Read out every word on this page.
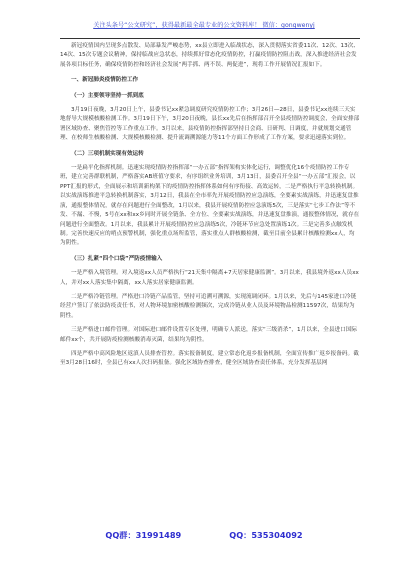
关注头条号“公文研究”，获得最新最全最专业的公文资料库！ 微信：gongwenyj

新冠疫情国内呈现多点散发、局部暴发严峻态势，xx县立即进入临战状态，深入贯彻落实省委11次、12次、13次、14次、15次专题会议精神，保持临战应急状态，持续抓好常态化疫情防控，打赢疫情防控阻击战，深入推进经济社会发展各项目标任务，确保疫情防控和经济社会发展“两手抓、两不误、两促进”，现将工作开展情况汇报如下。

一、新冠肺炎疫情防控工作
（一）主要领导坚持一抓到底

3月19日夜晚，3月20日上午，县委书记xx紧急调度研究疫情防控工作；3月26日—28日，县委书记xx连续三天实地督导大规模核酸检测工作。3月19日下午，3月20日夜晚，县长xx先后在指挥部召开全县疫情防控调度会，全面安排部署区域协查、聚焦管控等工作重点工作。3月以来，县疫情防控指挥部坚持日会商、日研判、日调度，并就规划交通管理、在校师生核酸检测、大规模核酸检测、提升流调溯源能力等11个方面工作形成了工作方案，要求迅速落实到位。

（二）三项机制实现有效运转

一是扁平化指挥机制。迅速实现疫情防控指挥部“一办五部”指挥架构实体化运行，调整优化16个疫情防控工作专班，建立完善群联机制，严格落实AB班值守要求，有序组织业务培训，3月13日，县委召开全县“一办五部”汇报会，以PPT汇报的形式，全面展示和培训新构架下的疫情防控指挥体系如何有序衔接、高效运转，二是严格执行平急转换机制。以实战演练推进平急转换机制落实，3月12日，我县在全市率先开展疫情防控应急演练，全要素实战演练，并迅速复盘推演，通报整体情况，就存在问题进行全面整改，1月以来，我县开展疫情防控应急演练5次，三是落实“七步工作法”等不发、不漏、不慢，5号在xx和xx乡同时开展全链条、全方位、全要素实战演练，并迅速复盘推演，通报整体情况，就存在问题进行全面整改。1月以来，我县累计开展疫情防控应急演练5次，冷链环节应急处置演练1次。三是完善多点触发机制。完善快速反应的哨点预警机制，强化重点场所监管，落实重点人群核酸检测，截至目前全县累计核酸检测xx人，均为阴性。

（三）扎紧“四个口袋”严防疫情输入

一是严格入境管理。对入境返xx人员严格执行“21天集中隔离+7天居家健康监测”。3月以来，我县境外返xx人员xx人，并对xx人落实集中隔离，xx人落实居家健康监测。

二是严格冷链管理。严格进口冷链产品监管，坚持可追溯可溯源，实现流调闭环。1月以来，先后与145家进口冷链经营户签订了依法防疫责任书，对人物环境加密核酸检测频次，完成冷链从业人员及环境物品检测11597次，结果均为阴性。

三是严格进口邮件管理。对国际进口邮件设置专区处理，明确专人派送，落实“三级消杀”，1月以来，全县进口国际邮件xx个，共开展防疫检测核酸消毒灭菌，结果均为阴性。

四是严格中高风险地区返滇人员排查管控。落实报备制度，建立常态化返乡报备机制，全面宣传推广返乡报备码。截至3月28日16时，全县已有xx人次扫码报备。强化区域协查排查，健全区域协查责任体系，充分发挥基层网

QQ群：31991489	QQ：535304092
